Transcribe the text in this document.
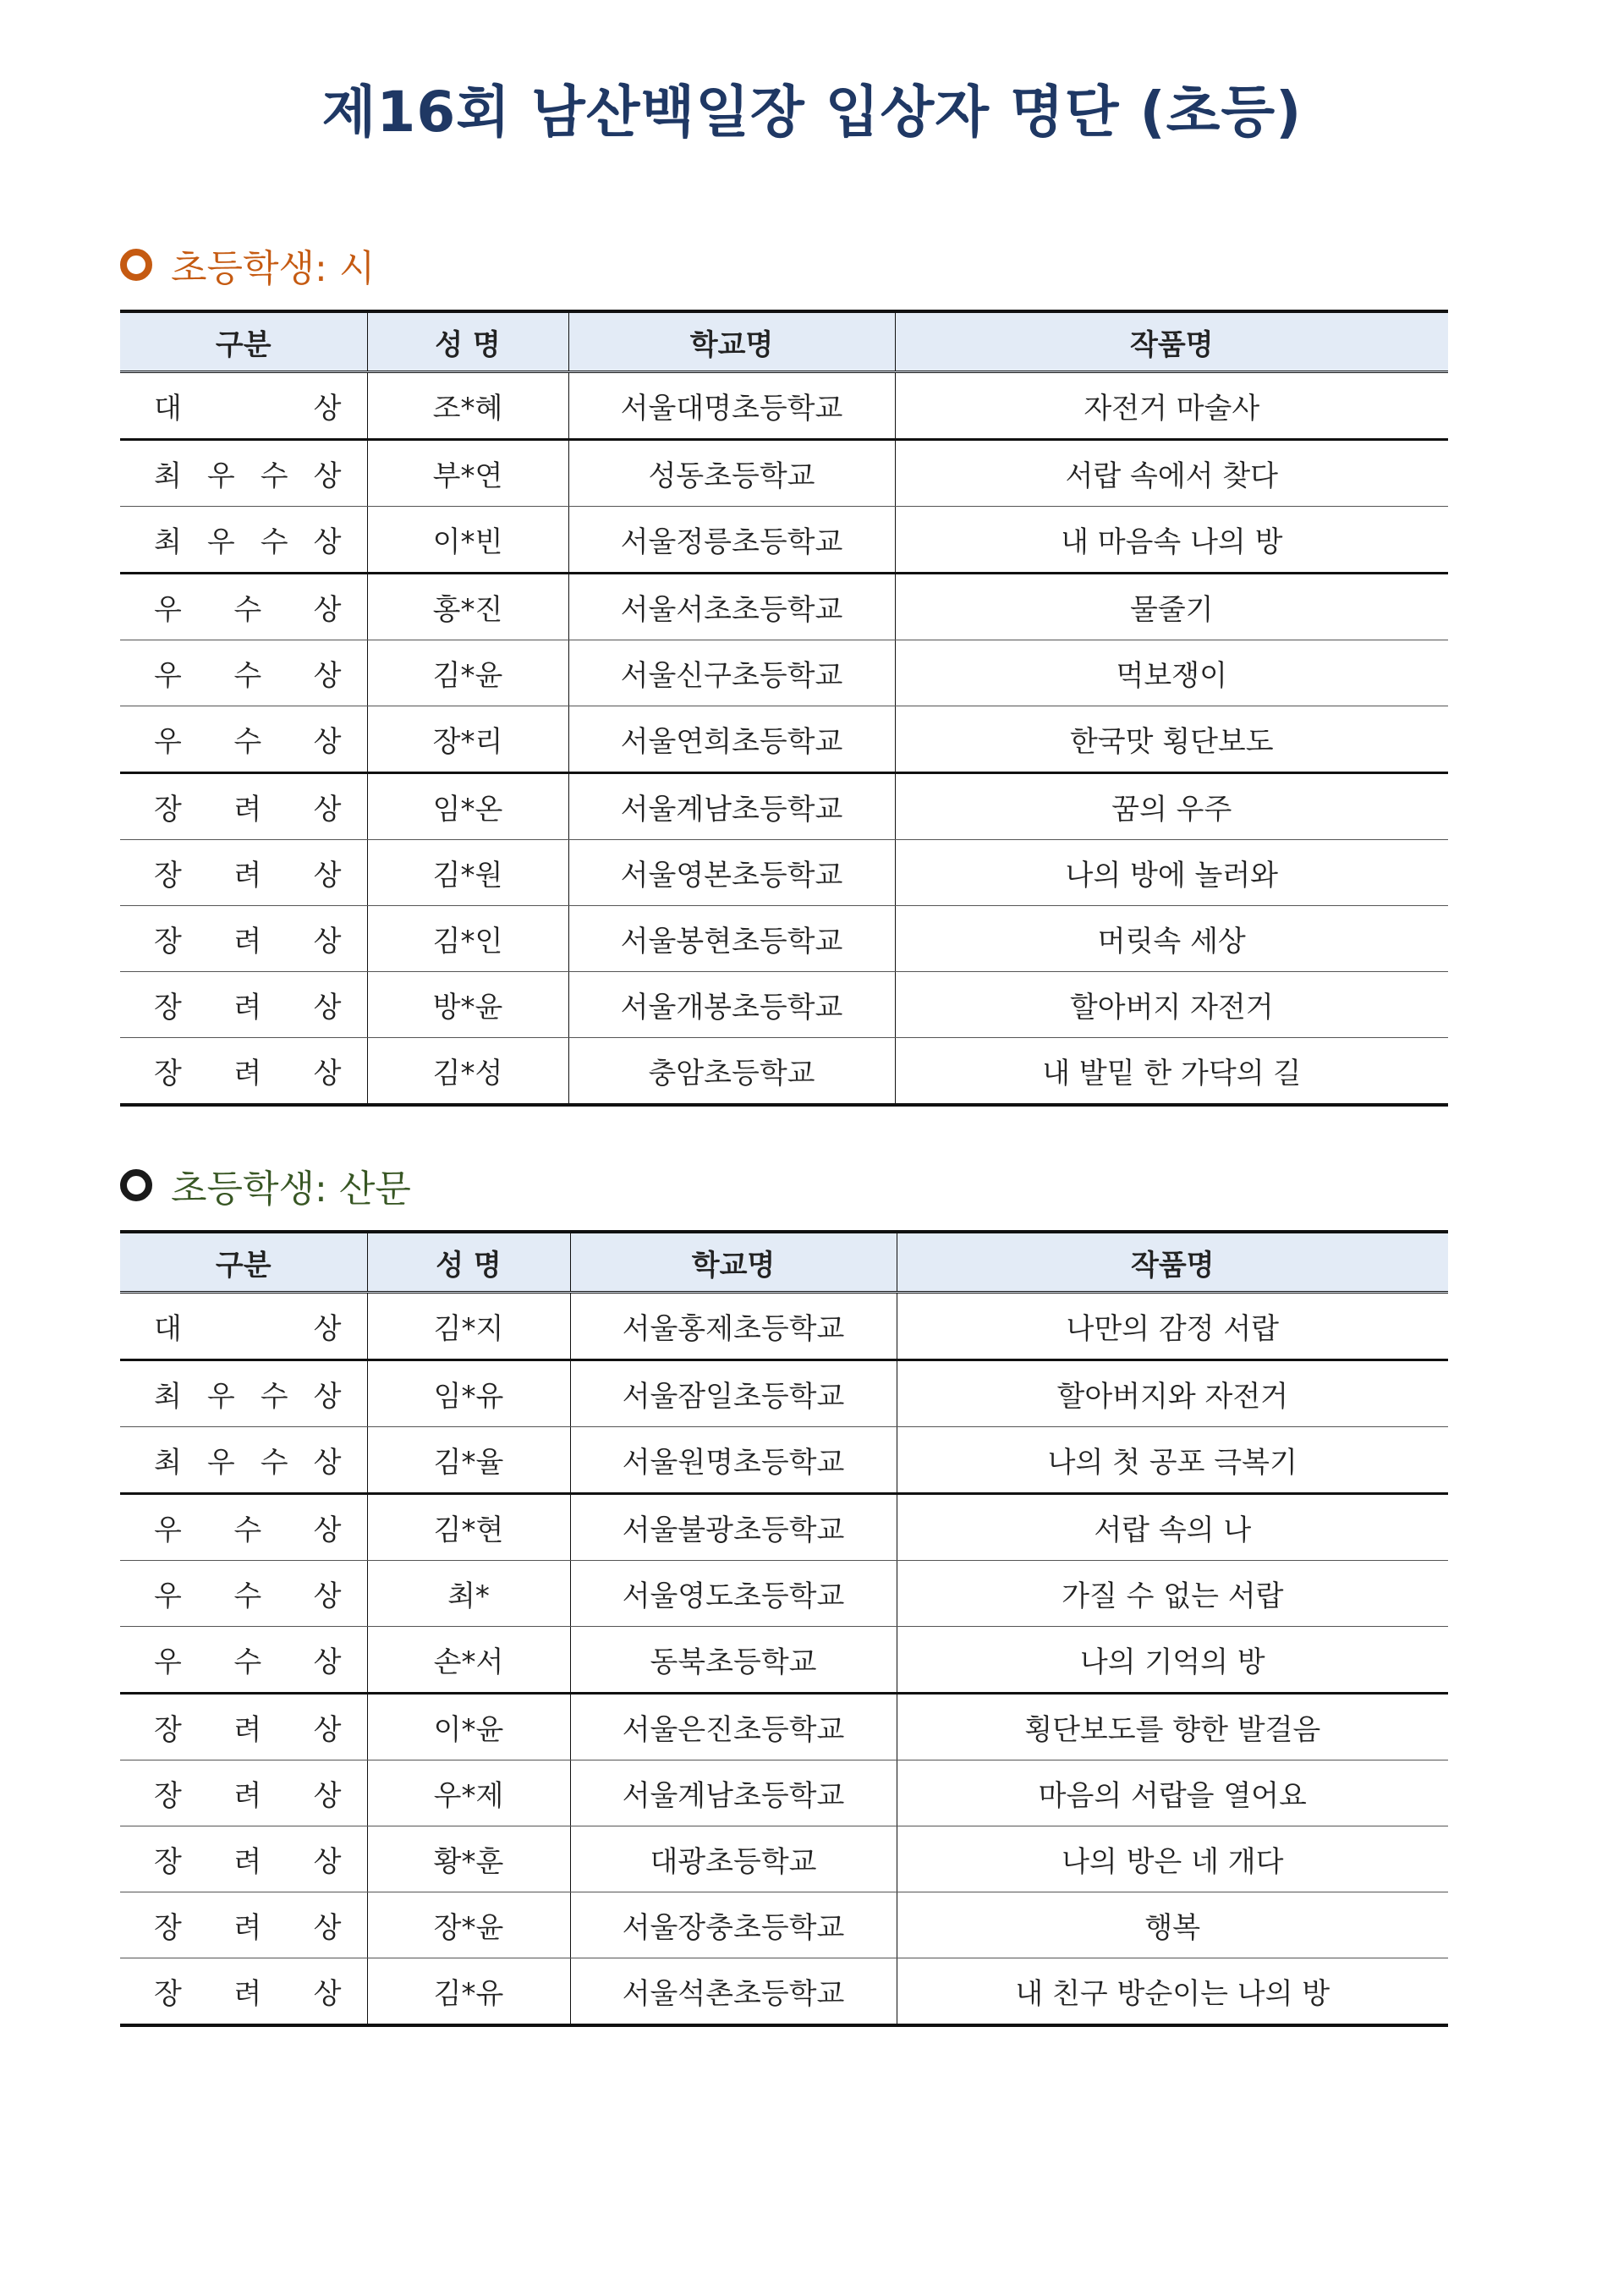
제16회 남산백일장 입상자 명단 (초등)
초등학생: 시
구분	성 명	학교명	작품명

대 상	조*혜	서울대명초등학교	자전거 마술사

최 우 수 상	부*연	성동초등학교	서랍 속에서 찾다

최 우 수 상	이*빈	서울정릉초등학교	내 마음속 나의 방

우 수 상	홍*진	서울서초초등학교	물줄기

우 수 상	김*윤	서울신구초등학교	먹보쟁이

우 수 상	장*리	서울연희초등학교	한국맛 횡단보도

장 려 상	임*온	서울계남초등학교	꿈의 우주

장 려 상	김*원	서울영본초등학교	나의 방에 놀러와

장 려 상	김*인	서울봉현초등학교	머릿속 세상

장 려 상	방*윤	서울개봉초등학교	할아버지 자전거

장 려 상	김*성	충암초등학교	내 발밑 한 가닥의 길
초등학생: 산문
구분	성 명	학교명	작품명

대 상	김*지	서울홍제초등학교	나만의 감정 서랍

최 우 수 상	임*유	서울잠일초등학교	할아버지와 자전거

최 우 수 상	김*율	서울원명초등학교	나의 첫 공포 극복기

우 수 상	김*현	서울불광초등학교	서랍 속의 나

우 수 상	최*	서울영도초등학교	가질 수 없는 서랍

우 수 상	손*서	동북초등학교	나의 기억의 방

장 려 상	이*윤	서울은진초등학교	횡단보도를 향한 발걸음

장 려 상	우*제	서울계남초등학교	마음의 서랍을 열어요

장 려 상	황*훈	대광초등학교	나의 방은 네 개다

장 려 상	장*윤	서울장충초등학교	행복

장 려 상	김*유	서울석촌초등학교	내 친구 방순이는 나의 방
